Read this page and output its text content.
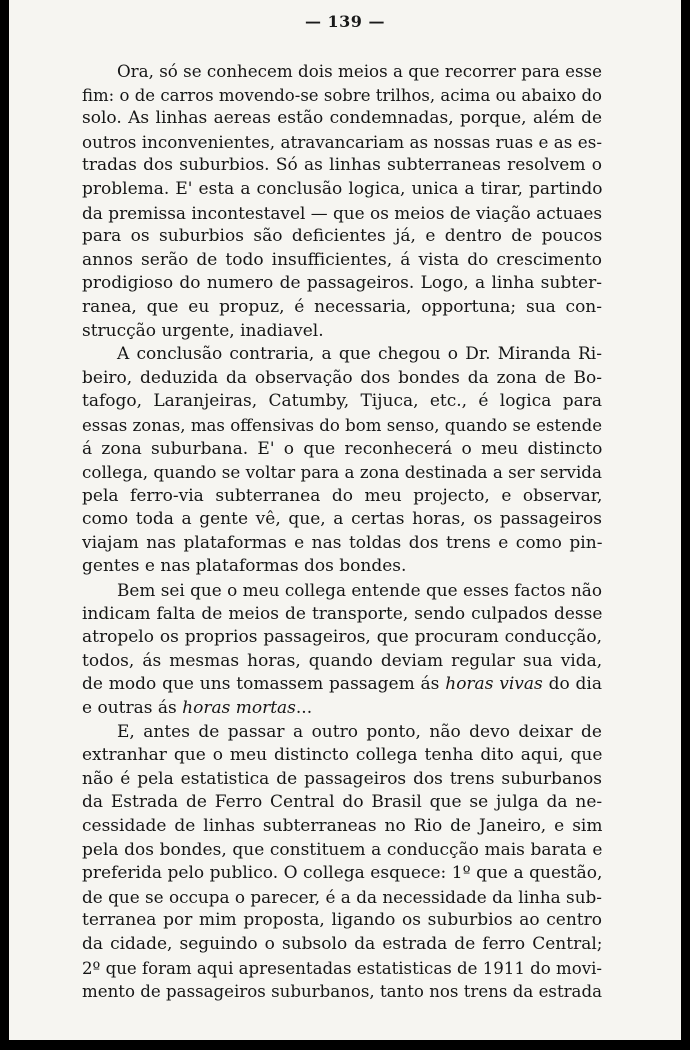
— 139 —

Ora, só se conhecem dois meios a que recorrer para esse
fim: o de carros movendo-se sobre trilhos, acima ou abaixo do
solo. As linhas aereas estão condemnadas, porque, além de
outros inconvenientes, atravancariam as nossas ruas e as es-
tradas dos suburbios. Só as linhas subterraneas resolvem o
problema. E' esta a conclusão logica, unica a tirar, partindo
da premissa incontestavel — que os meios de viação actuaes
para os suburbios são deficientes já, e dentro de poucos
annos serão de todo insufficientes, á vista do crescimento
prodigioso do numero de passageiros. Logo, a linha subter-
ranea, que eu propuz, é necessaria, opportuna; sua con-
strucção urgente, inadiavel.

A conclusão contraria, a que chegou o Dr. Miranda Ri-
beiro, deduzida da observação dos bondes da zona de Bo-
tafogo, Laranjeiras, Catumby, Tijuca, etc., é logica para
essas zonas, mas offensivas do bom senso, quando se estende
á zona suburbana. E' o que reconhecerá o meu distincto
collega, quando se voltar para a zona destinada a ser servida
pela ferro-via subterranea do meu projecto, e observar,
como toda a gente vê, que, a certas horas, os passageiros
viajam nas plataformas e nas toldas dos trens e como pin-
gentes e nas plataformas dos bondes.

Bem sei que o meu collega entende que esses factos não
indicam falta de meios de transporte, sendo culpados desse
atropelo os proprios passageiros, que procuram conducção,
todos, ás mesmas horas, quando deviam regular sua vida,
de modo que uns tomassem passagem ás horas vivas do dia
e outras ás horas mortas...

E, antes de passar a outro ponto, não devo deixar de
extranhar que o meu distincto collega tenha dito aqui, que
não é pela estatistica de passageiros dos trens suburbanos
da Estrada de Ferro Central do Brasil que se julga da ne-
cessidade de linhas subterraneas no Rio de Janeiro, e sim
pela dos bondes, que constituem a conducção mais barata e
preferida pelo publico. O collega esquece: 1º que a questão,
de que se occupa o parecer, é a da necessidade da linha sub-
terranea por mim proposta, ligando os suburbios ao centro
da cidade, seguindo o subsolo da estrada de ferro Central;
2º que foram aqui apresentadas estatisticas de 1911 do movi-
mento de passageiros suburbanos, tanto nos trens da estrada
